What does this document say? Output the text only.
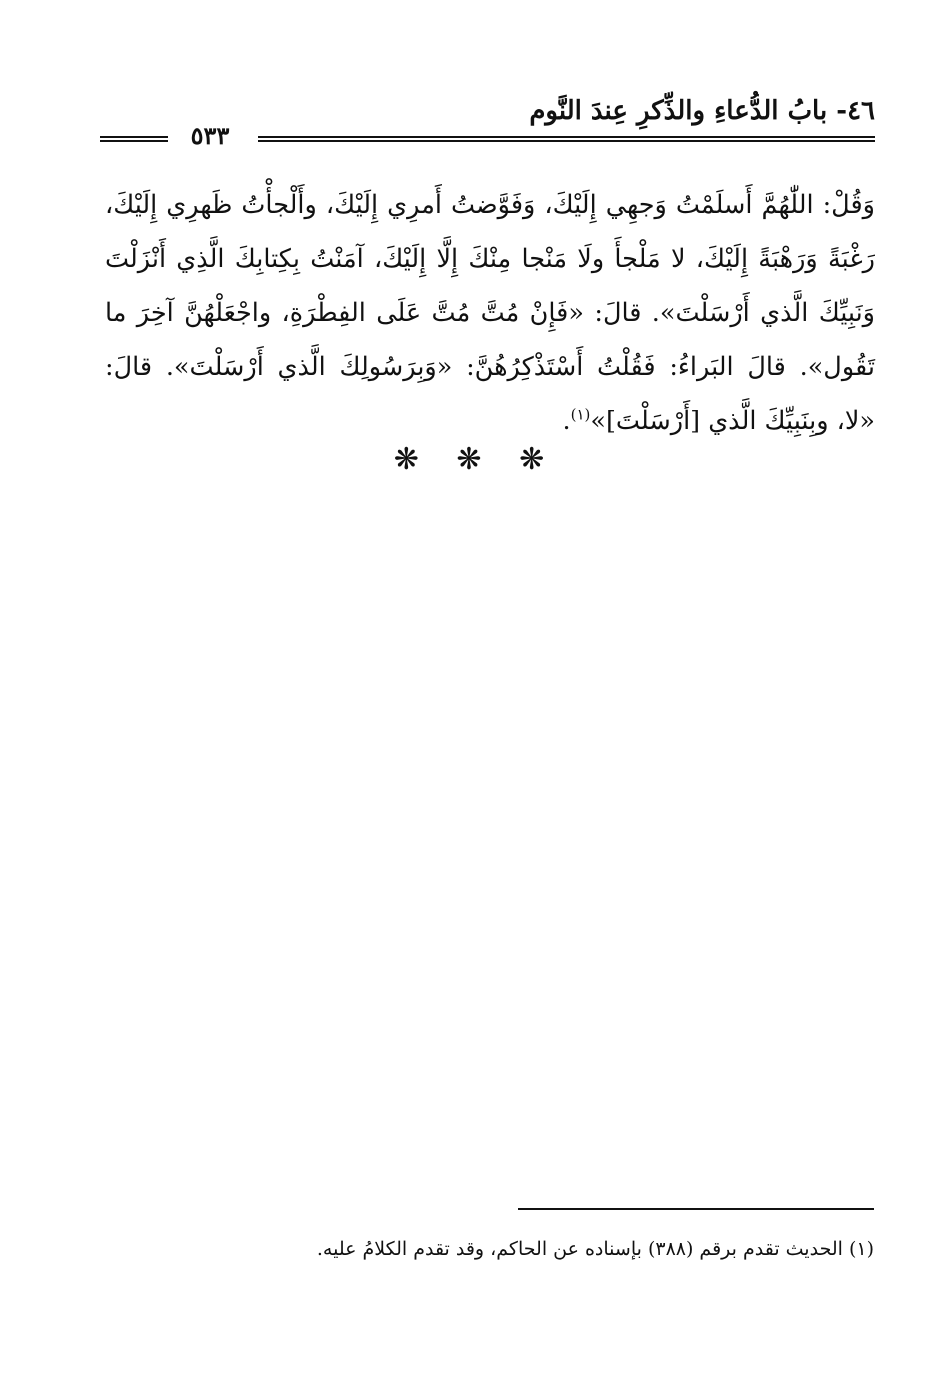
٤٦- بابُ الدُّعاءِ والذِّكرِ عِندَ النَّوم
٥٣٣

وَقُلْ: اللّٰهُمَّ أَسلَمْتُ وَجهِي إِلَيْكَ، وَفَوَّضتُ أَمرِي إِلَيْكَ، وأَلْجأْتُ ظَهرِي إِلَيْكَ، رَغْبَةً وَرَهْبَةً إِلَيْكَ، لا مَلْجأَ ولَا مَنْجا مِنْكَ إِلَّا إِلَيْكَ، آمَنْتُ بِكِتابِكَ الَّذِي أَنْزَلْتَ وَنَبِيِّكَ الَّذي أَرْسَلْتَ». قالَ: «فَإِنْ مُتَّ مُتَّ عَلَى الفِطْرَةِ، واجْعَلْهُنَّ آخِرَ ما تَقُول». قالَ البَراءُ: فَقُلْتُ أَسْتَذْكِرُهُنَّ: «وَبِرَسُولِكَ الَّذي أَرْسَلْتَ». قالَ: «لا، وبِنَبِيِّكَ الَّذي [أَرْسَلْتَ]»$^{(١)}$.

❋ ❋ ❋
(١) الحديث تقدم برقم (٣٨٨) بإسناده عن الحاكم، وقد تقدم الكلامُ عليه.
